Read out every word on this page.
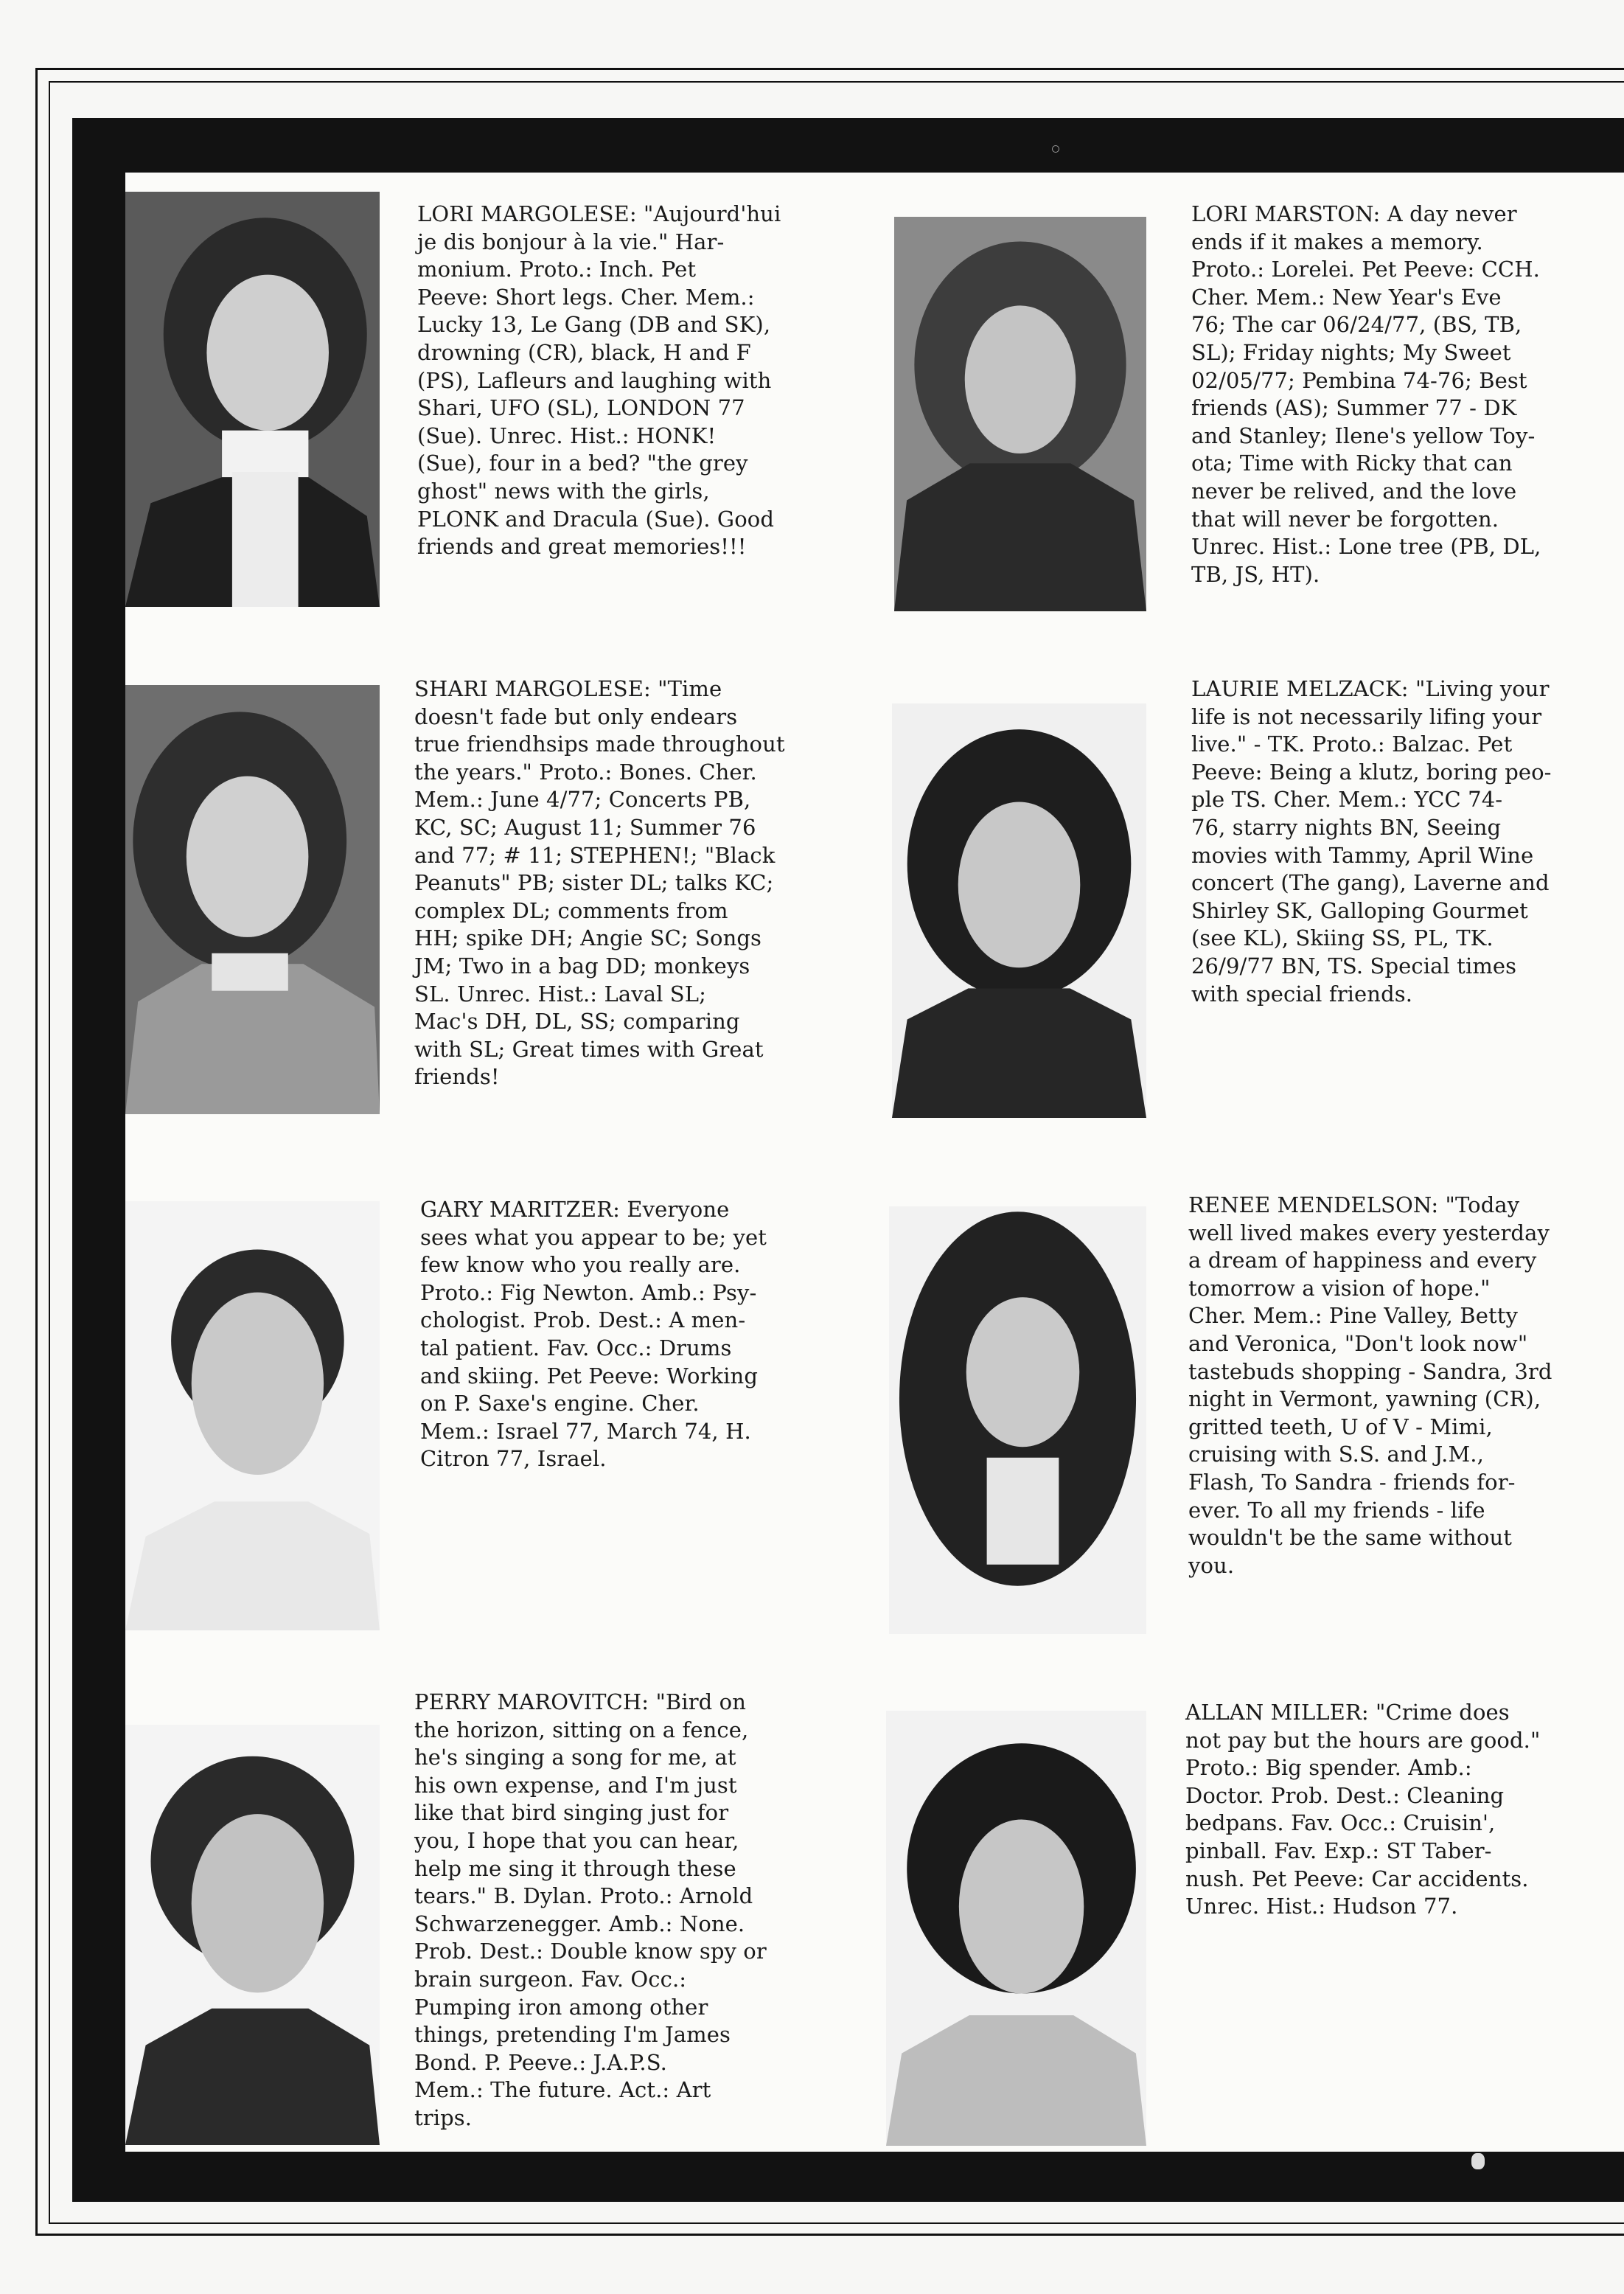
LORI MARGOLESE: "Aujourd'hui
je dis bonjour à la vie." Har-
monium. Proto.: Inch. Pet
Peeve: Short legs. Cher. Mem.:
Lucky 13, Le Gang (DB and SK),
drowning (CR), black, H and F
(PS), Lafleurs and laughing with
Shari, UFO (SL), LONDON 77
(Sue). Unrec. Hist.: HONK!
(Sue), four in a bed? "the grey
ghost" news with the girls,
PLONK and Dracula (Sue). Good
friends and great memories!!!

LORI MARSTON: A day never
ends if it makes a memory.
Proto.: Lorelei. Pet Peeve: CCH.
Cher. Mem.: New Year's Eve
76; The car 06/24/77, (BS, TB,
SL); Friday nights; My Sweet
02/05/77; Pembina 74-76; Best
friends (AS); Summer 77 - DK
and Stanley; Ilene's yellow Toy-
ota; Time with Ricky that can
never be relived, and the love
that will never be forgotten.
Unrec. Hist.: Lone tree (PB, DL,
TB, JS, HT).

SHARI MARGOLESE: "Time
doesn't fade but only endears
true friendhsips made throughout
the years." Proto.: Bones. Cher.
Mem.: June 4/77; Concerts PB,
KC, SC; August 11; Summer 76
and 77; # 11; STEPHEN!; "Black
Peanuts" PB; sister DL; talks KC;
complex DL; comments from
HH; spike DH; Angie SC; Songs
JM; Two in a bag DD; monkeys
SL. Unrec. Hist.: Laval SL;
Mac's DH, DL, SS; comparing
with SL; Great times with Great
friends!

LAURIE MELZACK: "Living your
life is not necessarily lifing your
live." - TK. Proto.: Balzac. Pet
Peeve: Being a klutz, boring peo-
ple TS. Cher. Mem.: YCC 74-
76, starry nights BN, Seeing
movies with Tammy, April Wine
concert (The gang), Laverne and
Shirley SK, Galloping Gourmet
(see KL), Skiing SS, PL, TK.
26/9/77 BN, TS. Special times
with special friends.

GARY MARITZER: Everyone
sees what you appear to be; yet
few know who you really are.
Proto.: Fig Newton. Amb.: Psy-
chologist. Prob. Dest.: A men-
tal patient. Fav. Occ.: Drums
and skiing. Pet Peeve: Working
on P. Saxe's engine. Cher.
Mem.: Israel 77, March 74, H.
Citron 77, Israel.

RENEE MENDELSON: "Today
well lived makes every yesterday
a dream of happiness and every
tomorrow a vision of hope."
Cher. Mem.: Pine Valley, Betty
and Veronica, "Don't look now"
tastebuds shopping - Sandra, 3rd
night in Vermont, yawning (CR),
gritted teeth, U of V - Mimi,
cruising with S.S. and J.M.,
Flash, To Sandra - friends for-
ever. To all my friends - life
wouldn't be the same without
you.

PERRY MAROVITCH: "Bird on
the horizon, sitting on a fence,
he's singing a song for me, at
his own expense, and I'm just
like that bird singing just for
you, I hope that you can hear,
help me sing it through these
tears." B. Dylan. Proto.: Arnold
Schwarzenegger. Amb.: None.
Prob. Dest.: Double know spy or
brain surgeon. Fav. Occ.:
Pumping iron among other
things, pretending I'm James
Bond. P. Peeve.: J.A.P.S.
Mem.: The future. Act.: Art
trips.

ALLAN MILLER: "Crime does
not pay but the hours are good."
Proto.: Big spender. Amb.:
Doctor. Prob. Dest.: Cleaning
bedpans. Fav. Occ.: Cruisin',
pinball. Fav. Exp.: ST Taber-
nush. Pet Peeve: Car accidents.
Unrec. Hist.: Hudson 77.
